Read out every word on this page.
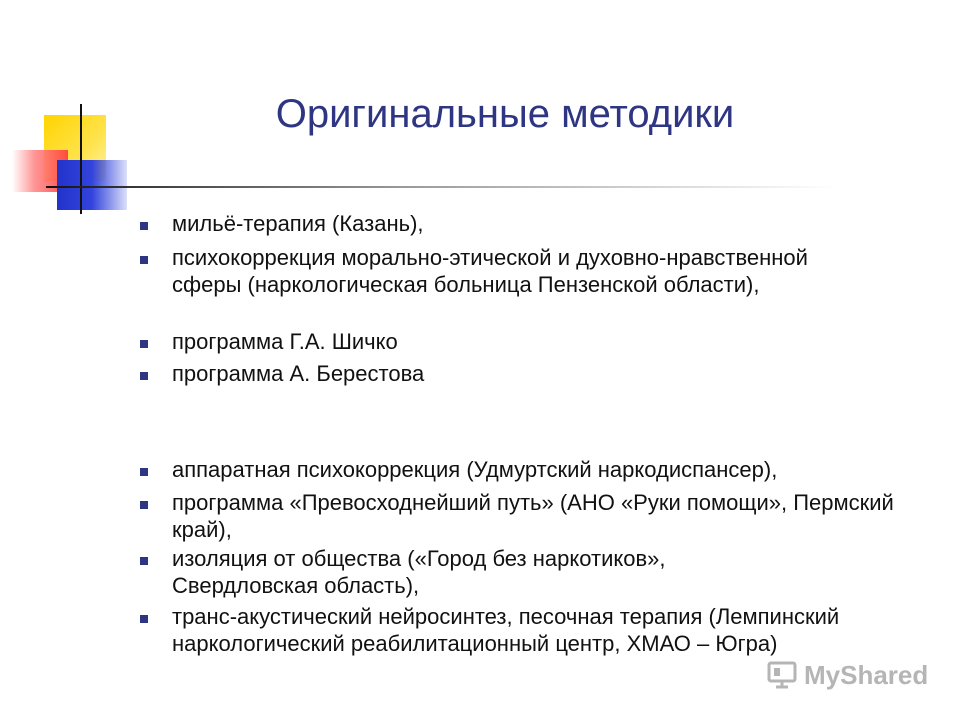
Оригинальные методики
мильё-терапия (Казань),
психокоррекция морально-этической и духовно-нравственной сферы (наркологическая больница Пензенской области),
программа Г.А. Шичко
программа А. Берестова
аппаратная психокоррекция (Удмуртский наркодиспансер),
программа «Превосходнейший путь» (АНО «Руки помощи», Пермский край),
изоляция от общества («Город без наркотиков», Свердловская область),
транс-акустический нейросинтез, песочная терапия (Лемпинский наркологический реабилитационный центр, ХМАО – Югра)
MyShared
